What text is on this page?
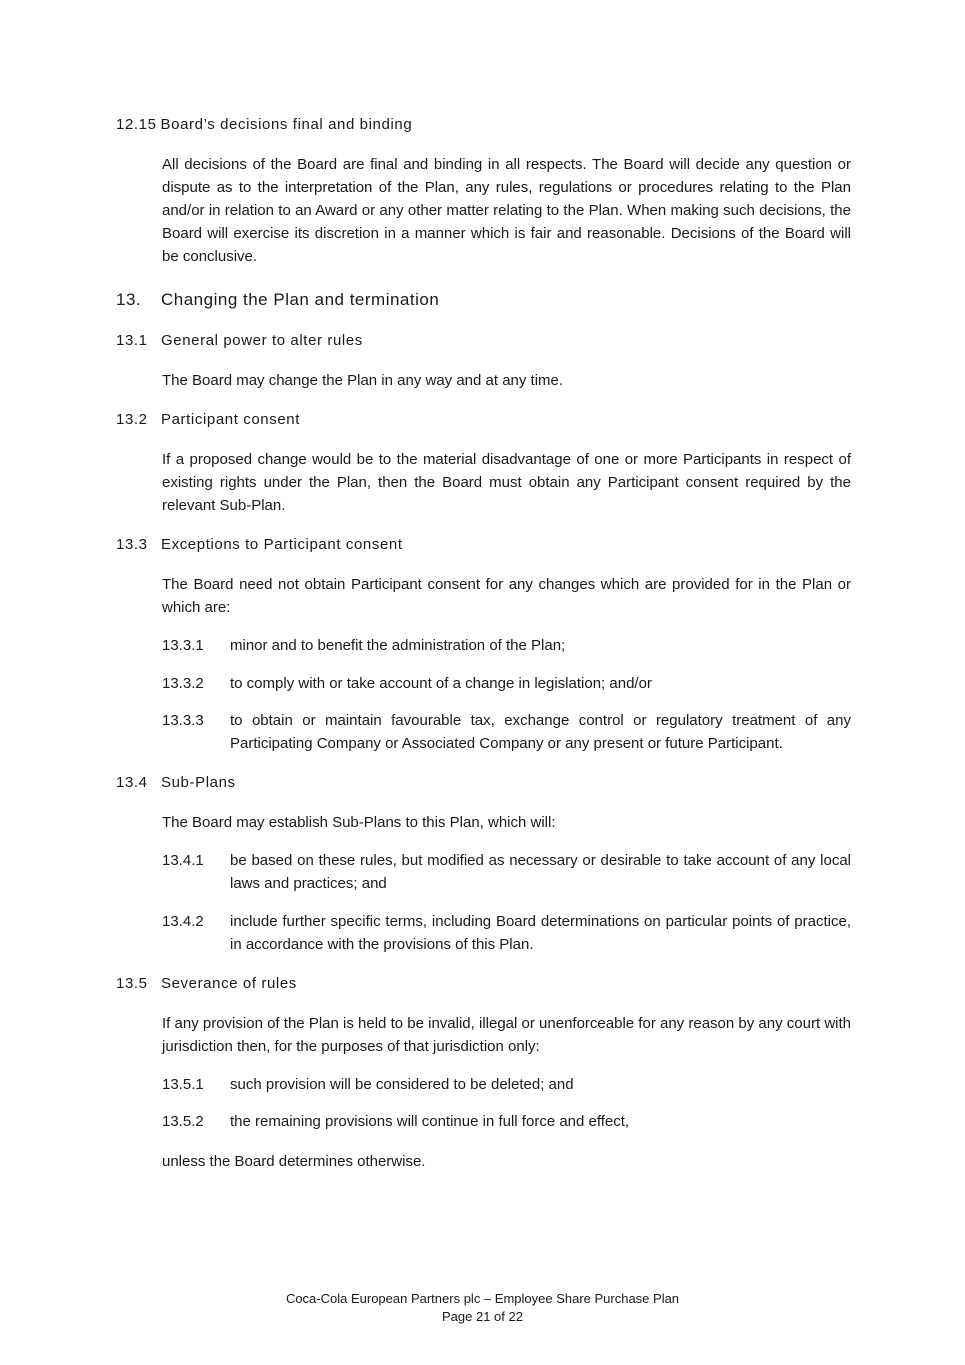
12.15 Board’s decisions final and binding
All decisions of the Board are final and binding in all respects. The Board will decide any question or dispute as to the interpretation of the Plan, any rules, regulations or procedures relating to the Plan and/or in relation to an Award or any other matter relating to the Plan. When making such decisions, the Board will exercise its discretion in a manner which is fair and reasonable. Decisions of the Board will be conclusive.
13. Changing the Plan and termination
13.1 General power to alter rules
The Board may change the Plan in any way and at any time.
13.2 Participant consent
If a proposed change would be to the material disadvantage of one or more Participants in respect of existing rights under the Plan, then the Board must obtain any Participant consent required by the relevant Sub-Plan.
13.3 Exceptions to Participant consent
The Board need not obtain Participant consent for any changes which are provided for in the Plan or which are:
13.3.1 minor and to benefit the administration of the Plan;
13.3.2 to comply with or take account of a change in legislation; and/or
13.3.3 to obtain or maintain favourable tax, exchange control or regulatory treatment of any Participating Company or Associated Company or any present or future Participant.
13.4 Sub-Plans
The Board may establish Sub-Plans to this Plan, which will:
13.4.1 be based on these rules, but modified as necessary or desirable to take account of any local laws and practices; and
13.4.2 include further specific terms, including Board determinations on particular points of practice, in accordance with the provisions of this Plan.
13.5 Severance of rules
If any provision of the Plan is held to be invalid, illegal or unenforceable for any reason by any court with jurisdiction then, for the purposes of that jurisdiction only:
13.5.1 such provision will be considered to be deleted; and
13.5.2 the remaining provisions will continue in full force and effect,
unless the Board determines otherwise.
Coca-Cola European Partners plc – Employee Share Purchase Plan
Page 21 of 22
